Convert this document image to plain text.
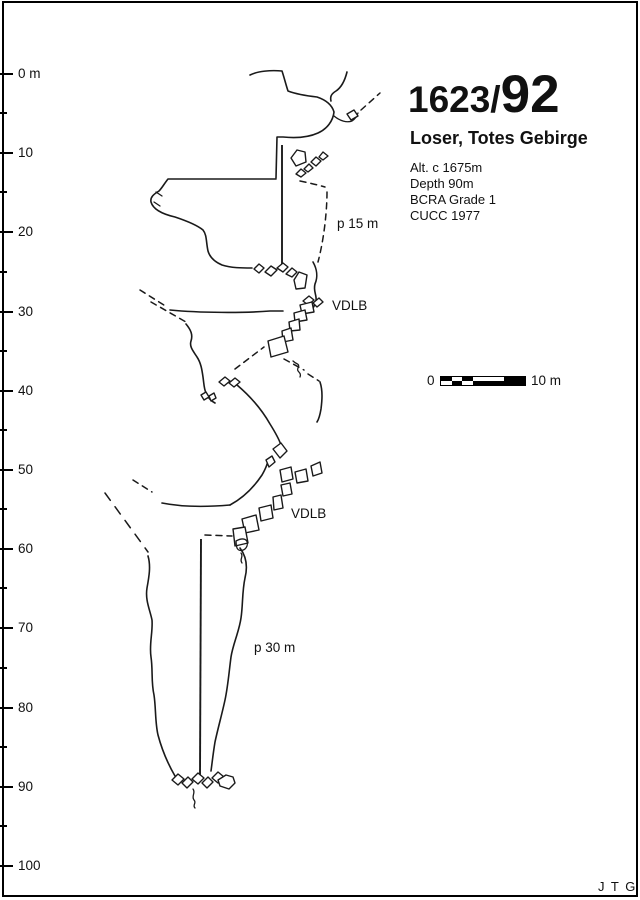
0 m
10
20
30
40
50
60
70
80
90
100
p 15 m
VDLB
VDLB
p 30 m
1623/ 92
Loser, Totes Gebirge
Alt. c 1675m
Depth 90m
BCRA Grade 1
CUCC 1977
0	10 m
J T G
